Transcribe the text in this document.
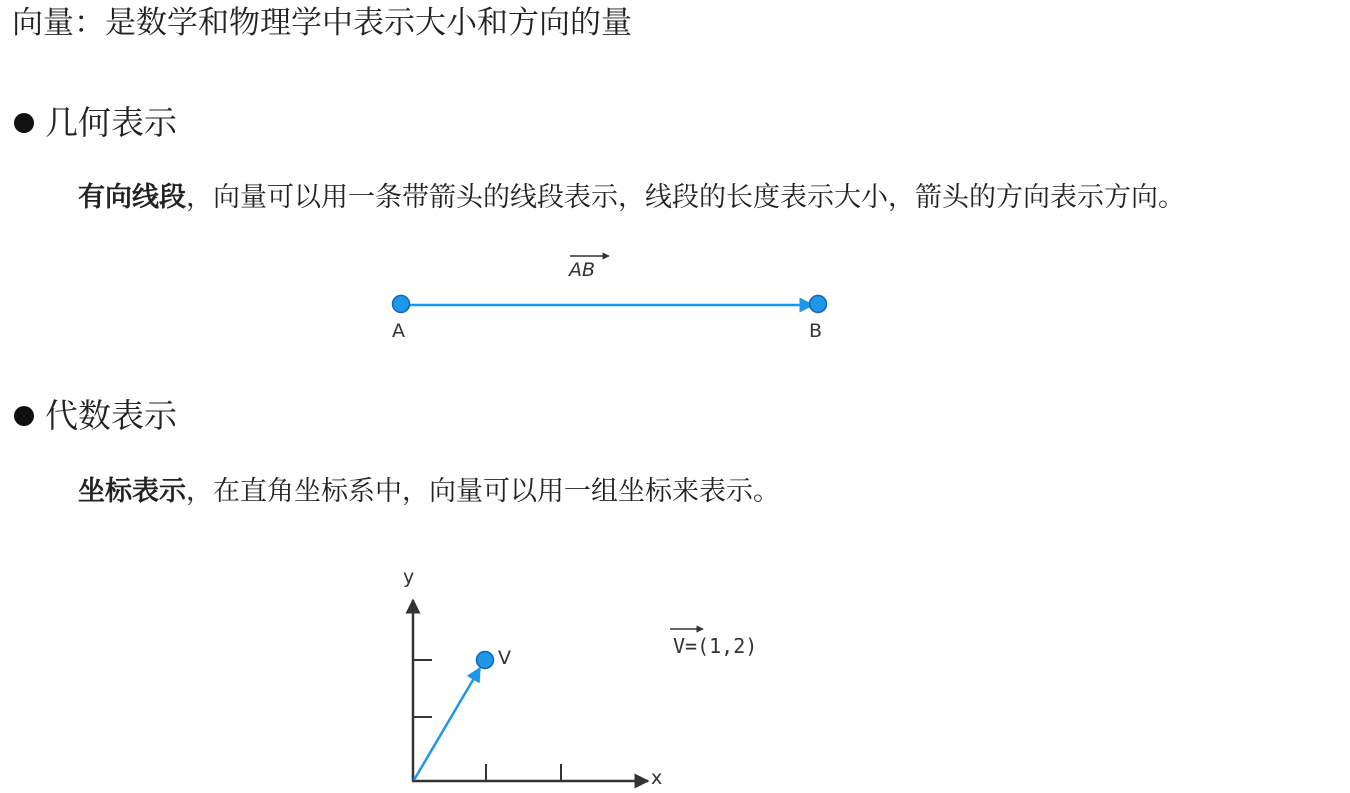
向量：是数学和物理学中表示大小和方向的量
几何表示
有向线段，向量可以用一条带箭头的线段表示，线段的长度表示大小，箭头的方向表示方向。
AB
A	B
y
x
V	V=(1,2)
代数表示
坐标表示，在直角坐标系中，向量可以用一组坐标来表示。
